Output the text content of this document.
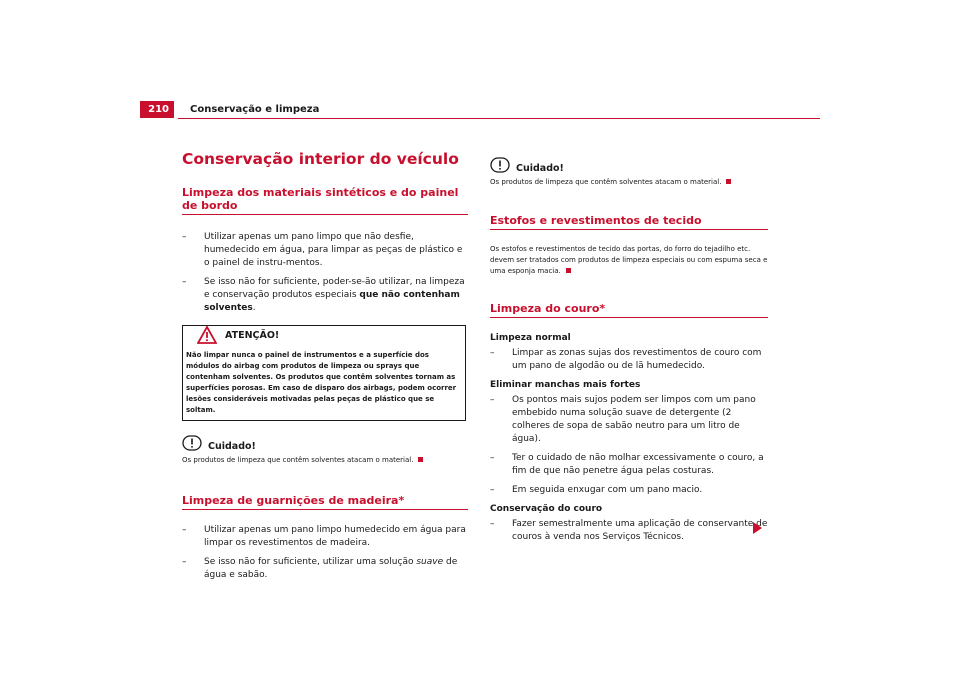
210	Conservação e limpeza
Conservação interior do veículo
Limpeza dos materiais sintéticos e do painel de bordo
– Utilizar apenas um pano limpo que não desfie, humedecido em água, para limpar as peças de plástico e o painel de instru-mentos.
– Se isso não for suficiente, poder-se-ão utilizar, na limpeza e conservação produtos especiais que não contenham solventes.
ATENÇÃO!
Não limpar nunca o painel de instrumentos e a superfície dos módulos do airbag com produtos de limpeza ou sprays que contenham solventes. Os produtos que contêm solventes tornam as superfícies porosas. Em caso de disparo dos airbags, podem ocorrer lesões consideráveis motivadas pelas peças de plástico que se soltam.
Cuidado!
Os produtos de limpeza que contêm solventes atacam o material.
Limpeza de guarnições de madeira*
– Utilizar apenas um pano limpo humedecido em água para limpar os revestimentos de madeira.
– Se isso não for suficiente, utilizar uma solução suave de água e sabão.
Cuidado!
Os produtos de limpeza que contêm solventes atacam o material.
Estofos e revestimentos de tecido
Os estofos e revestimentos de tecido das portas, do forro do tejadilho etc. devem ser tratados com produtos de limpeza especiais ou com espuma seca e uma esponja macia.
Limpeza do couro*

Limpeza normal

– Limpar as zonas sujas dos revestimentos de couro com um pano de algodão ou de lã humedecido.

Eliminar manchas mais fortes

– Os pontos mais sujos podem ser limpos com um pano embebido numa solução suave de detergente (2 colheres de sopa de sabão neutro para um litro de água).
– Ter o cuidado de não molhar excessivamente o couro, a fim de que não penetre água pelas costuras.
– Em seguida enxugar com um pano macio.

Conservação do couro

– Fazer semestralmente uma aplicação de conservante de couros à venda nos Serviços Técnicos.
